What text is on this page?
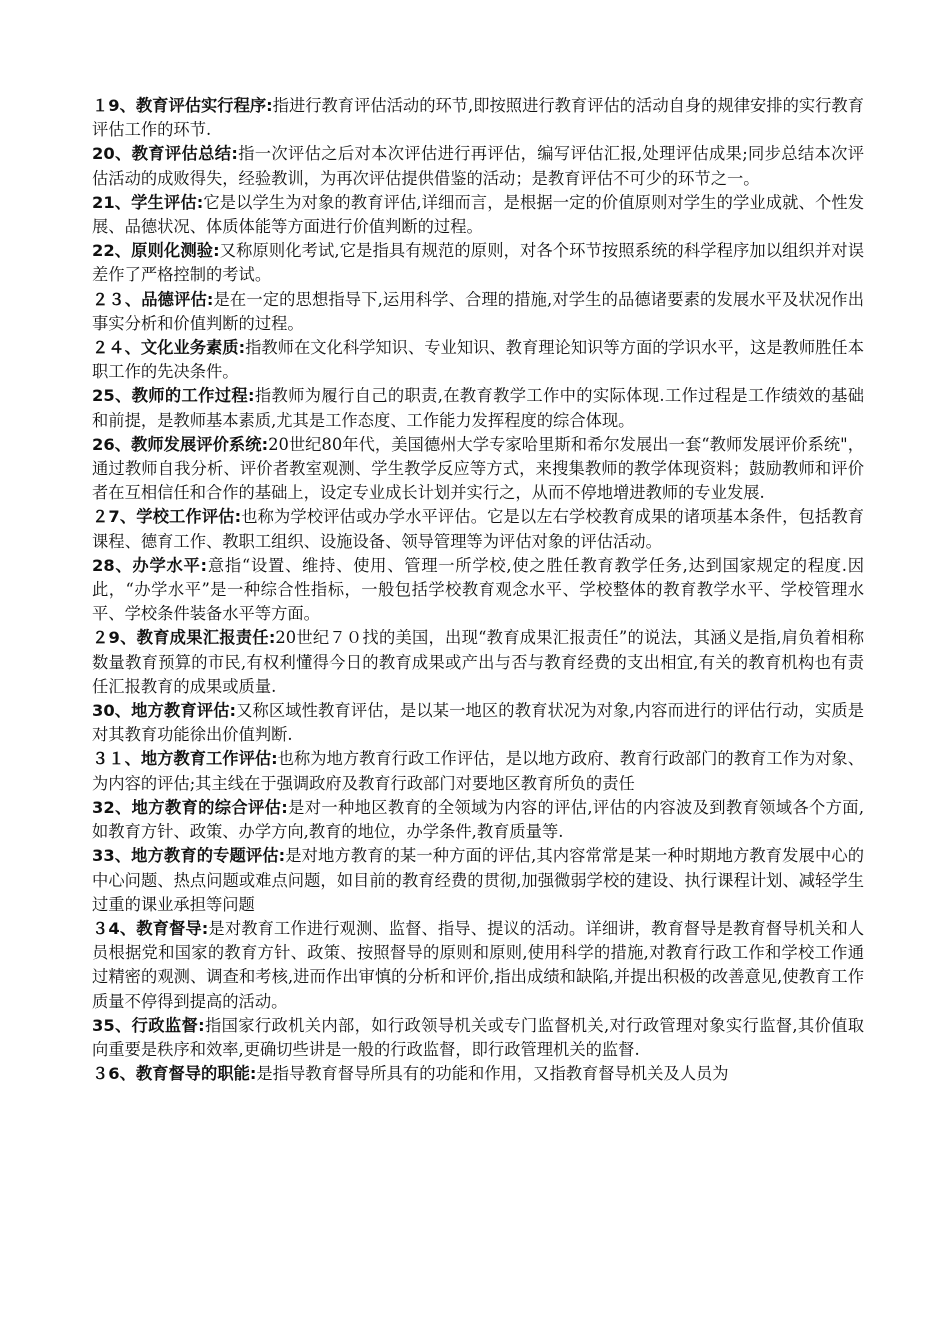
１9、教育评估实行程序:指进行教育评估活动的环节,即按照进行教育评估的活动自身的规律安排的实行教育评估工作的环节.

20、教育评估总结:指一次评估之后对本次评估进行再评估，编写评估汇报,处理评估成果;同步总结本次评估活动的成败得失，经验教训，为再次评估提供借鉴的活动；是教育评估不可少的环节之一。

21、学生评估:它是以学生为对象的教育评估,详细而言，是根据一定的价值原则对学生的学业成就、个性发展、品德状况、体质体能等方面进行价值判断的过程。

22、原则化测验:又称原则化考试,它是指具有规范的原则，对各个环节按照系统的科学程序加以组织并对误差作了严格控制的考试。

２３、品德评估:是在一定的思想指导下,运用科学、合理的措施,对学生的品德诸要素的发展水平及状况作出事实分析和价值判断的过程。

２４、文化业务素质:指教师在文化科学知识、专业知识、教育理论知识等方面的学识水平，这是教师胜任本职工作的先决条件。

25、教师的工作过程:指教师为履行自己的职责,在教育教学工作中的实际体现.工作过程是工作绩效的基础和前提，是教师基本素质,尤其是工作态度、工作能力发挥程度的综合体现。

26、教师发展评价系统:20世纪80年代，美国德州大学专家哈里斯和希尔发展出一套“教师发展评价系统"，通过教师自我分析、评价者教室观测、学生教学反应等方式，来搜集教师的教学体现资料；鼓励教师和评价者在互相信任和合作的基础上，设定专业成长计划并实行之，从而不停地增进教师的专业发展.

２7、学校工作评估:也称为学校评估或办学水平评估。它是以左右学校教育成果的诸项基本条件，包括教育课程、德育工作、教职工组织、设施设备、领导管理等为评估对象的评估活动。

28、办学水平:意指“设置、维持、使用、管理一所学校,使之胜任教育教学任务,达到国家规定的程度.因此，“办学水平”是一种综合性指标，一般包括学校教育观念水平、学校整体的教育教学水平、学校管理水平、学校条件装备水平等方面。

２9、教育成果汇报责任:20世纪７０找的美国，出现“教育成果汇报责任”的说法，其涵义是指,肩负着相称数量教育预算的市民,有权利懂得今日的教育成果或产出与否与教育经费的支出相宜,有关的教育机构也有责任汇报教育的成果或质量.

30、地方教育评估:又称区域性教育评估，是以某一地区的教育状况为对象,内容而进行的评估行动，实质是对其教育功能徐出价值判断.

３１、地方教育工作评估:也称为地方教育行政工作评估，是以地方政府、教育行政部门的教育工作为对象、为内容的评估;其主线在于强调政府及教育行政部门对要地区教育所负的责任

32、地方教育的综合评估:是对一种地区教育的全领域为内容的评估,评估的内容波及到教育领域各个方面,如教育方针、政策、办学方向,教育的地位，办学条件,教育质量等.

33、地方教育的专题评估:是对地方教育的某一种方面的评估,其内容常常是某一种时期地方教育发展中心的中心问题、热点问题或难点问题，如目前的教育经费的贯彻,加强微弱学校的建设、执行课程计划、减轻学生过重的课业承担等问题

３4、教育督导:是对教育工作进行观测、监督、指导、提议的活动。详细讲，教育督导是教育督导机关和人员根据党和国家的教育方针、政策、按照督导的原则和原则,使用科学的措施,对教育行政工作和学校工作通过精密的观测、调查和考核,进而作出审慎的分析和评价,指出成绩和缺陷,并提出积极的改善意见,使教育工作质量不停得到提高的活动。

35、行政监督:指国家行政机关内部，如行政领导机关或专门监督机关,对行政管理对象实行监督,其价值取向重要是秩序和效率,更确切些讲是一般的行政监督，即行政管理机关的监督.

３6、教育督导的职能:是指导教育督导所具有的功能和作用，又指教育督导机关及人员为
